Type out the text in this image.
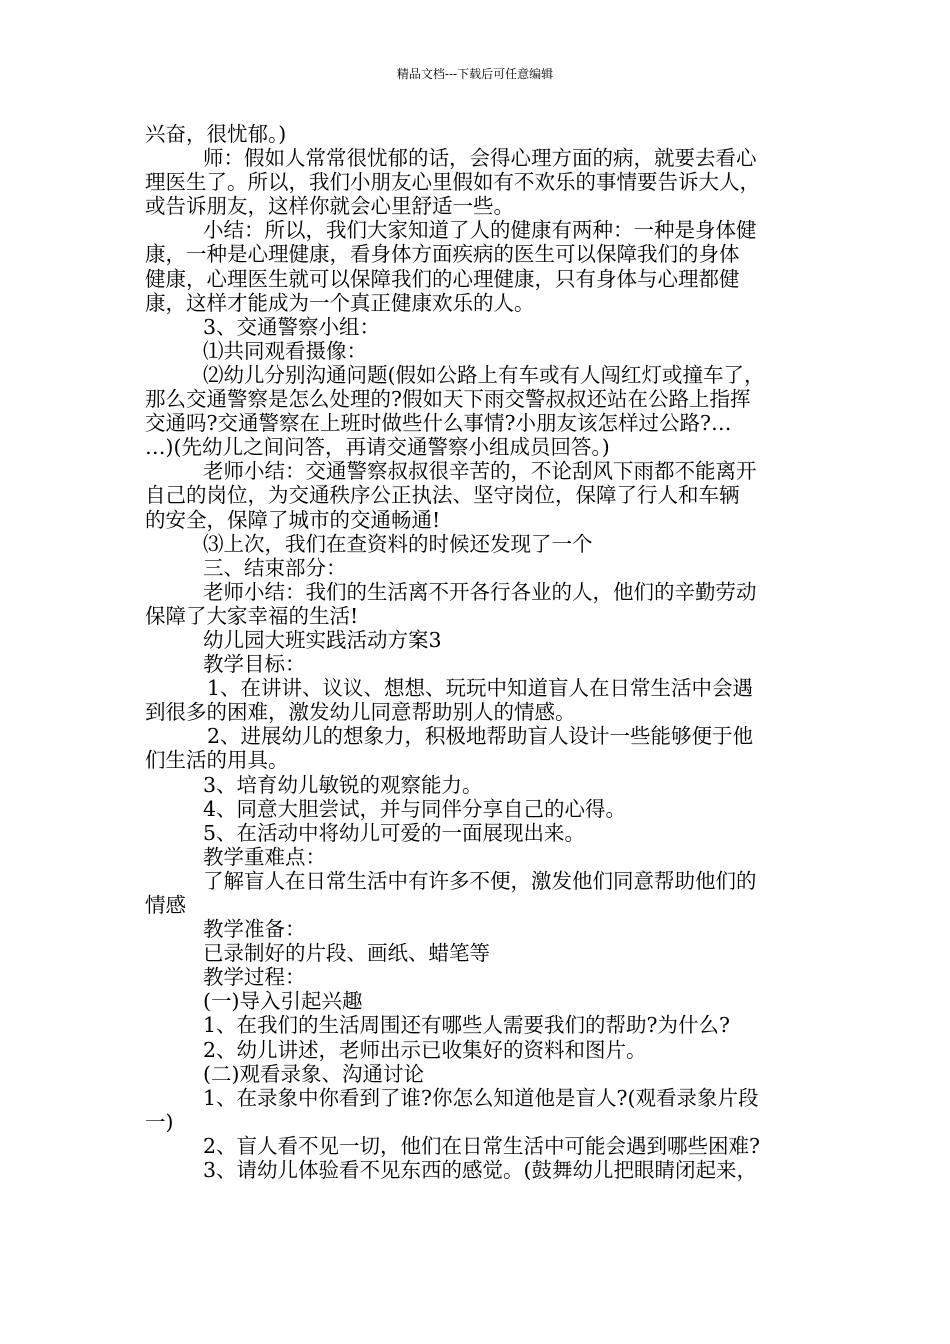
精品文档---下载后可任意编辑
兴奋，很忧郁。)
师：假如人常常很忧郁的话，会得心理方面的病，就要去看心
理医生了。所以，我们小朋友心里假如有不欢乐的事情要告诉大人，
或告诉朋友，这样你就会心里舒适一些。
小结：所以，我们大家知道了人的健康有两种：一种是身体健
康，一种是心理健康，看身体方面疾病的医生可以保障我们的身体
健康，心理医生就可以保障我们的心理健康，只有身体与心理都健
康，这样才能成为一个真正健康欢乐的人。
3、交通警察小组：
⑴共同观看摄像：
⑵幼儿分别沟通问题(假如公路上有车或有人闯红灯或撞车了，
那么交通警察是怎么处理的?假如天下雨交警叔叔还站在公路上指挥
交通吗?交通警察在上班时做些什么事情?小朋友该怎样过公路?…
…)(先幼儿之间问答，再请交通警察小组成员回答。)
老师小结：交通警察叔叔很辛苦的，不论刮风下雨都不能离开
自己的岗位，为交通秩序公正执法、坚守岗位，保障了行人和车辆
的安全，保障了城市的交通畅通!
⑶上次，我们在查资料的时候还发现了一个
三、结束部分：
老师小结：我们的生活离不开各行各业的人，他们的辛勤劳动
保障了大家幸福的生活!
幼儿园大班实践活动方案3
教学目标：
1、在讲讲、议议、想想、玩玩中知道盲人在日常生活中会遇
到很多的困难，激发幼儿同意帮助别人的情感。
2、进展幼儿的想象力，积极地帮助盲人设计一些能够便于他
们生活的用具。
3、培育幼儿敏锐的观察能力。
4、同意大胆尝试，并与同伴分享自己的心得。
5、在活动中将幼儿可爱的一面展现出来。
教学重难点：
了解盲人在日常生活中有许多不便，激发他们同意帮助他们的
情感
教学准备：
已录制好的片段、画纸、蜡笔等
教学过程：
(一)导入引起兴趣
1、在我们的生活周围还有哪些人需要我们的帮助?为什么?
2、幼儿讲述，老师出示已收集好的资料和图片。
(二)观看录象、沟通讨论
1、在录象中你看到了谁?你怎么知道他是盲人?(观看录象片段
一)
2、盲人看不见一切，他们在日常生活中可能会遇到哪些困难?
3、请幼儿体验看不见东西的感觉。(鼓舞幼儿把眼睛闭起来，
